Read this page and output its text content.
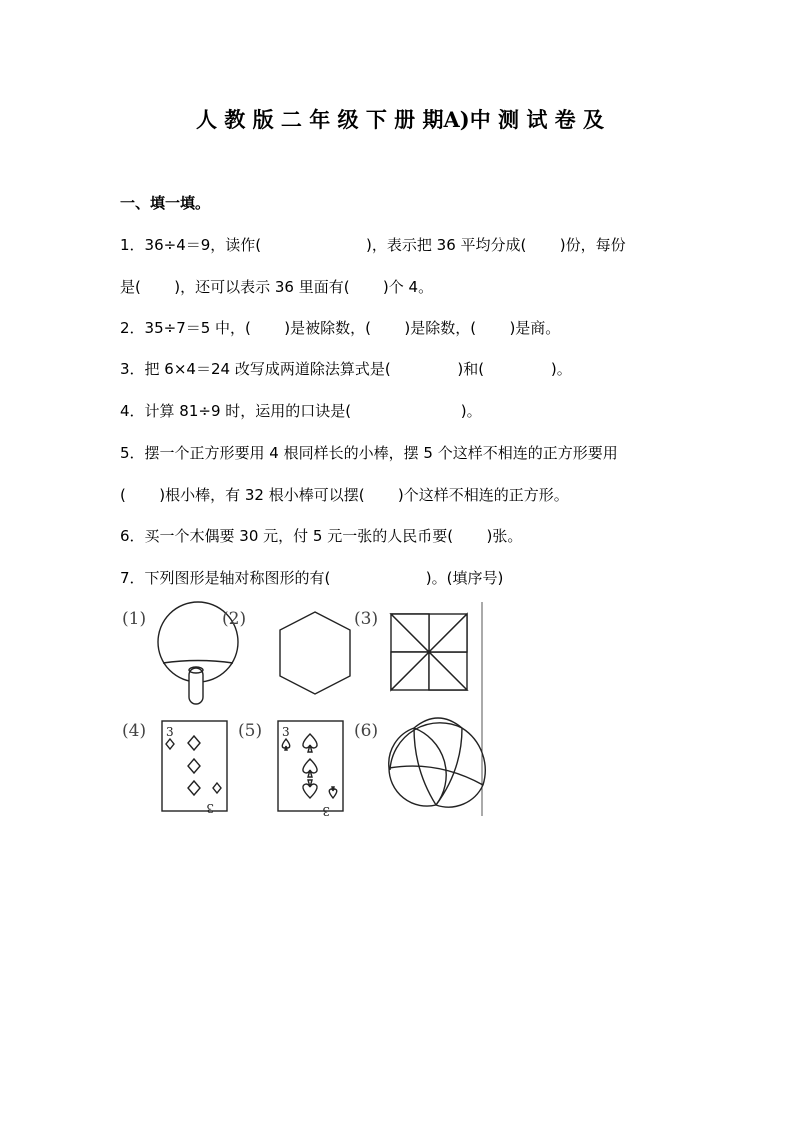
人 教 版 二 年 级 下 册 期A)中 测 试 卷 及
一、填一填。
1．36÷4＝9，读作(                      )，表示把 36 平均分成(       )份，每份
是(       )，还可以表示 36 里面有(       )个 4。
2．35÷7＝5 中，(       )是被除数，(       )是除数，(       )是商。
3．把 6×4＝24 改写成两道除法算式是(              )和(              )。
4．计算 81÷9 时，运用的口诀是(                       )。
5．摆一个正方形要用 4 根同样长的小棒，摆 5 个这样不相连的正方形要用
(       )根小棒，有 32 根小棒可以摆(       )个这样不相连的正方形。
6．买一个木偶要 30 元，付 5 元一张的人民币要(       )张。
7．下列图形是轴对称图形的有(                    )。(填序号)
(1)	(2)	(3)
(4) 3
3
(5) 3
3
(6)
